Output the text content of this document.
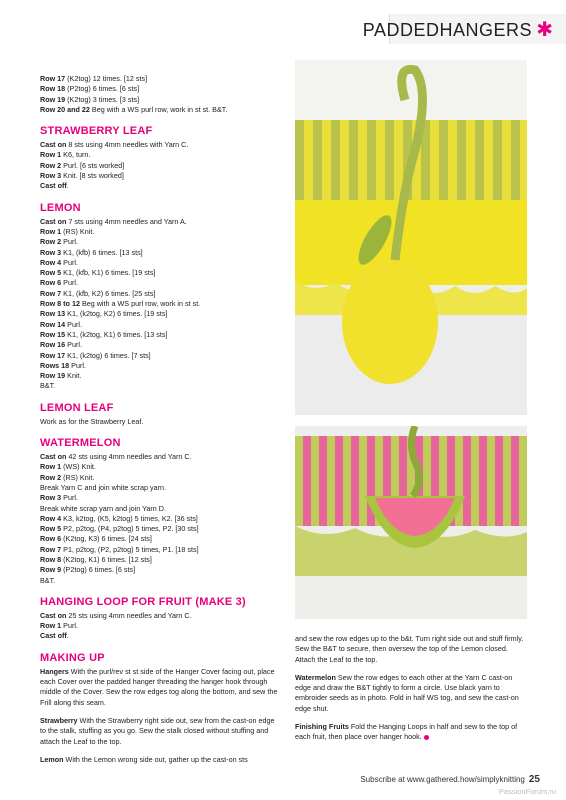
PADDEDHANGERS ✱
Row 17 (K2tog) 12 times. [12 sts]
Row 18 (P2tog) 6 times. [6 sts]
Row 19 (K2tog) 3 times. [3 sts]
Row 20 and 22 Beg with a WS purl row, work in st st. B&T.
STRAWBERRY LEAF
Cast on 8 sts using 4mm needles with Yarn C.
Row 1 K6, turn.
Row 2 Purl. [6 sts worked]
Row 3 Knit. [8 sts worked]
Cast off.
LEMON
Cast on 7 sts using 4mm needles and Yarn A.
Row 1 (RS) Knit.
Row 2 Purl.
Row 3 K1, (kfb) 6 times. [13 sts]
Row 4 Purl.
Row 5 K1, (kfb, K1) 6 times. [19 sts]
Row 6 Purl.
Row 7 K1, (kfb, K2) 6 times. [25 sts]
Row 8 to 12 Beg with a WS purl row, work in st st.
Row 13 K1, (k2tog, K2) 6 times. [19 sts]
Row 14 Purl.
Row 15 K1, (k2tog, K1) 6 times. [13 sts]
Row 16 Purl.
Row 17 K1, (k2tog) 6 times. [7 sts]
Rows 18 Purl.
Row 19 Knit.
B&T.
LEMON LEAF
Work as for the Strawberry Leaf.
WATERMELON
Cast on 42 sts using 4mm needles and Yarn C.
Row 1 (WS) Knit.
Row 2 (RS) Knit.
Break Yarn C and join white scrap yarn.
Row 3 Purl.
Break white scrap yarn and join Yarn D.
Row 4 K3, k2tog, (K5, k2tog) 5 times, K2. [36 sts]
Row 5 P2, p2tog, (P4, p2tog) 5 times, P2. [30 sts]
Row 6 (K2tog, K3) 6 times. [24 sts]
Row 7 P1, p2tog, (P2, p2tog) 5 times, P1. [18 sts]
Row 8 (K2tog, K1) 6 times. [12 sts]
Row 9 (P2tog) 6 times. [6 sts]
B&T.
HANGING LOOP FOR FRUIT (MAKE 3)
Cast on 25 sts using 4mm needles and Yarn C.
Row 1 Purl.
Cast off.
MAKING UP
Hangers With the purl/rev st st side of the Hanger Cover facing out, place each Cover over the padded hanger threading the hanger hook through middle of the Cover. Sew the row edges tog along the bottom, and sew the Frill along this seam.
Strawberry With the Strawberry right side out, sew from the cast-on edge to the stalk, stuffing as you go. Sew the stalk closed without stuffing and attach the Leaf to the top.
Lemon With the Lemon wrong side out, gather up the cast-on sts
and sew the row edges up to the b&t. Turn right side out and stuff firmly. Sew the B&T to secure, then oversew the top of the Lemon closed. Attach the Leaf to the top.
Watermelon Sew the row edges to each other at the Yarn C cast-on edge and draw the B&T tightly to form a circle. Use black yarn to embroider seeds as in photo. Fold in half WS tog, and sew the cast-on edge shut.
Finishing Fruits Fold the Hanging Loops in half and sew to the top of each fruit, then place over hanger hook.
Subscribe at www.gathered.how/simplyknitting 25
PassionForum.ru
